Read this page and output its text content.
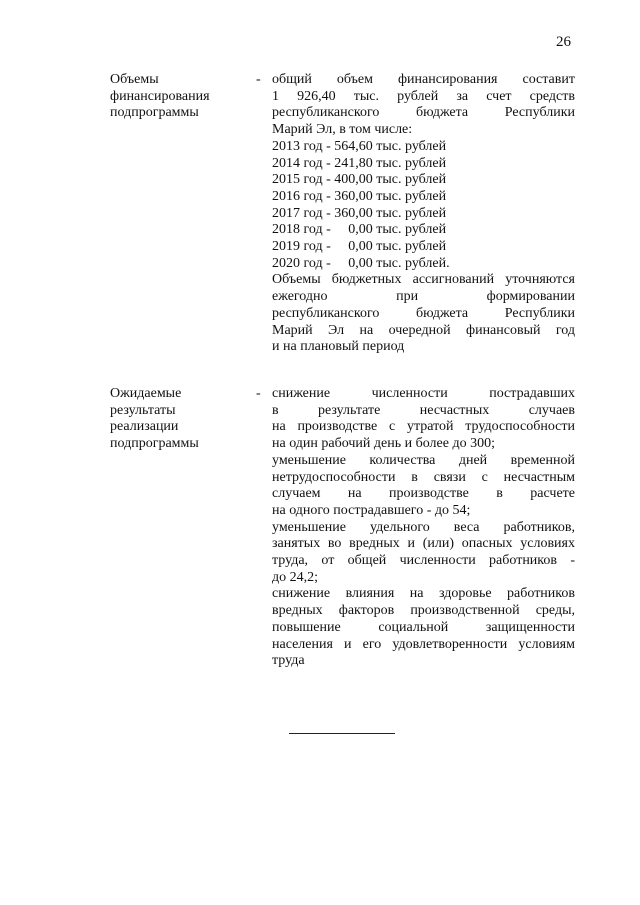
26
Объемы
финансирования
подпрограммы
- общий объем финансирования составит
1 926,40 тыс. рублей за счет средств
республиканского бюджета Республики
Марий Эл, в том числе:
2013 год - 564,60 тыс. рублей
2014 год - 241,80 тыс. рублей
2015 год - 400,00 тыс. рублей
2016 год - 360,00 тыс. рублей
2017 год - 360,00 тыс. рублей
2018 год -     0,00 тыс. рублей
2019 год -     0,00 тыс. рублей
2020 год -     0,00 тыс. рублей.
Объемы бюджетных ассигнований уточняются
ежегодно при формировании
республиканского бюджета Республики
Марий Эл на очередной финансовый год
и на плановый период
Ожидаемые
результаты
реализации
подпрограммы
- снижение численности пострадавших
в результате несчастных случаев
на производстве с утратой трудоспособности
на один рабочий день и более до 300;
уменьшение количества дней временной
нетрудоспособности в связи с несчастным
случаем на производстве в расчете
на одного пострадавшего - до 54;
уменьшение удельного веса работников,
занятых во вредных и (или) опасных условиях
труда, от общей численности работников -
до 24,2;
снижение влияния на здоровье работников
вредных факторов производственной среды,
повышение социальной защищенности
населения и его удовлетворенности условиям
труда
